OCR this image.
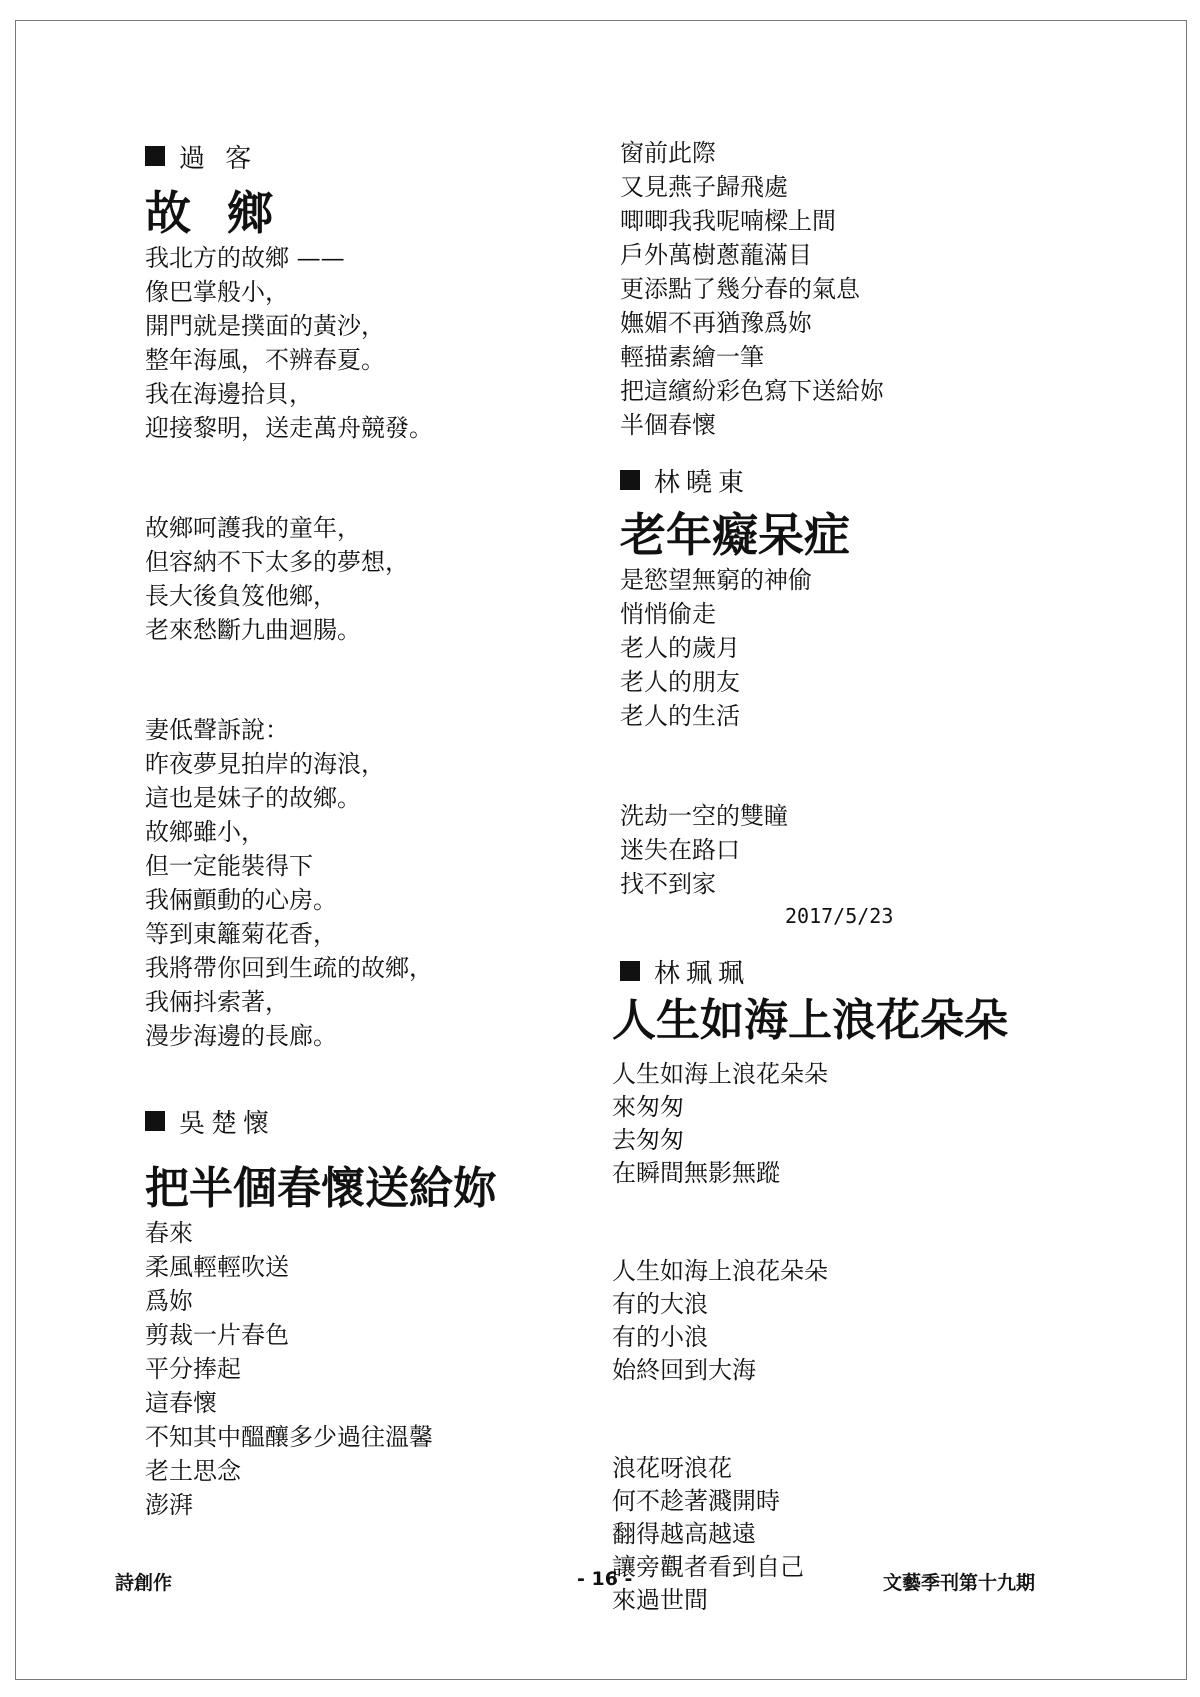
過 客

故 鄉

我北方的故鄉 ——

像巴掌般小，

開門就是撲面的黃沙，

整年海風，不辨春夏。

我在海邊拾貝，

迎接黎明，送走萬舟競發。

故鄉呵護我的童年，

但容納不下太多的夢想，

長大後負笈他鄉，

老來愁斷九曲迴腸。

妻低聲訴說：

昨夜夢見拍岸的海浪，

這也是妹子的故鄉。

故鄉雖小，

但一定能裝得下

我倆顫動的心房。

等到東籬菊花香，

我將帶你回到生疏的故鄉，

我倆抖索著，

漫步海邊的長廊。

吳楚懷

把半個春懷送給妳

春來

柔風輕輕吹送

爲妳

剪裁一片春色

平分捧起

這春懷

不知其中醞釀多少過往溫馨

老土思念

澎湃

窗前此際

又見燕子歸飛處

唧唧我我呢喃樑上間

戶外萬樹蔥蘢滿目

更添點了幾分春的氣息

嫵媚不再猶豫爲妳

輕描素繪一筆

把這繽紛彩色寫下送給妳

半個春懷

林曉東

老年癡呆症

是慾望無窮的神偷

悄悄偷走

老人的歲月

老人的朋友

老人的生活

洗劫一空的雙瞳

迷失在路口

找不到家

2017/5/23

林珮珮

人生如海上浪花朵朵

人生如海上浪花朵朵

來匆匆

去匆匆

在瞬間無影無蹤

人生如海上浪花朵朵

有的大浪

有的小浪

始終回到大海

浪花呀浪花

何不趁著濺開時

翻得越高越遠

讓旁觀者看到自己

來過世間

詩創作	- 16 -	文藝季刊第十九期
